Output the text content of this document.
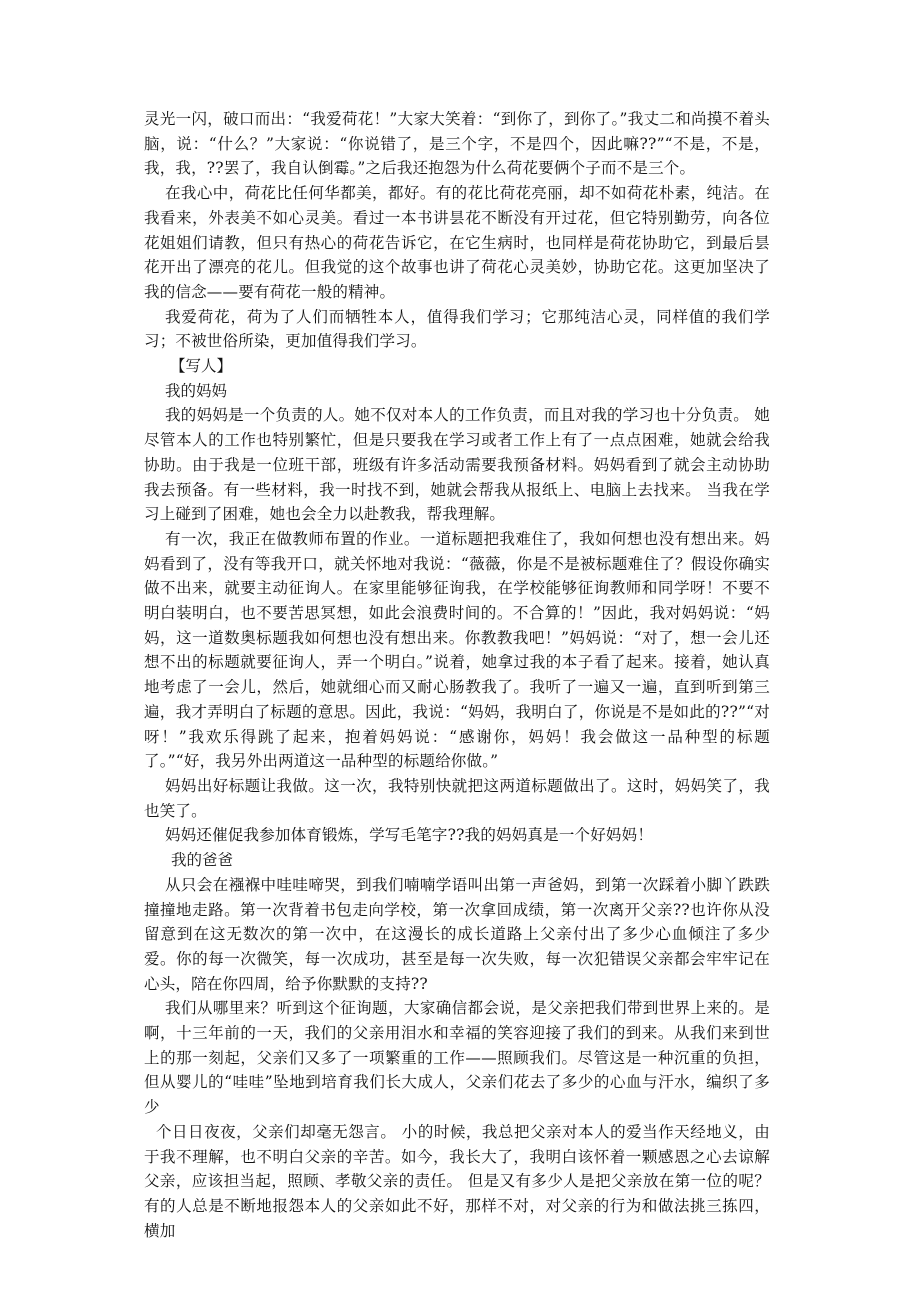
灵光一闪，破口而出：“我爱荷花！”大家大笑着：“到你了，到你了。”我丈二和尚摸不着头脑，说：“什么？”大家说：“你说错了，是三个字，不是四个，因此嘛??”“不是，不是，我，我，??罢了，我自认倒霉。”之后我还抱怨为什么荷花要俩个子而不是三个。

在我心中，荷花比任何华都美，都好。有的花比荷花亮丽，却不如荷花朴素，纯洁。在我看来，外表美不如心灵美。看过一本书讲昙花不断没有开过花，但它特别勤劳，向各位花姐姐们请教，但只有热心的荷花告诉它，在它生病时，也同样是荷花协助它，到最后昙花开出了漂亮的花儿。但我觉的这个故事也讲了荷花心灵美妙，协助它花。这更加坚决了我的信念——要有荷花一般的精神。

我爱荷花，荷为了人们而牺牲本人，值得我们学习；它那纯洁心灵，同样值的我们学习；不被世俗所染，更加值得我们学习。

【写人】

我的妈妈

我的妈妈是一个负责的人。她不仅对本人的工作负责，而且对我的学习也十分负责。 她尽管本人的工作也特别繁忙，但是只要我在学习或者工作上有了一点点困难，她就会给我协助。由于我是一位班干部，班级有许多活动需要我预备材料。妈妈看到了就会主动协助我去预备。有一些材料，我一时找不到，她就会帮我从报纸上、电脑上去找来。 当我在学习上碰到了困难，她也会全力以赴教我，帮我理解。

有一次，我正在做教师布置的作业。一道标题把我难住了，我如何想也没有想出来。妈妈看到了，没有等我开口，就关怀地对我说：“薇薇，你是不是被标题难住了？假设你确实做不出来，就要主动征询人。在家里能够征询我，在学校能够征询教师和同学呀！不要不明白装明白，也不要苦思冥想，如此会浪费时间的。不合算的！”因此，我对妈妈说：“妈妈，这一道数奥标题我如何想也没有想出来。你教教我吧！”妈妈说：“对了，想一会儿还想不出的标题就要征询人，弄一个明白。”说着，她拿过我的本子看了起来。接着，她认真地考虑了一会儿，然后，她就细心而又耐心肠教我了。我听了一遍又一遍，直到听到第三遍，我才弄明白了标题的意思。因此，我说：“妈妈，我明白了，你说是不是如此的??”“对呀！”我欢乐得跳了起来，抱着妈妈说：“感谢你，妈妈！我会做这一品种型的标题了。”“好，我另外出两道这一品种型的标题给你做。”

妈妈出好标题让我做。这一次，我特别快就把这两道标题做出了。这时，妈妈笑了，我也笑了。

妈妈还催促我参加体育锻炼，学写毛笔字??我的妈妈真是一个好妈妈！

我的爸爸

从只会在襁褓中哇哇啼哭，到我们喃喃学语叫出第一声爸妈，到第一次踩着小脚丫跌跌撞撞地走路。第一次背着书包走向学校，第一次拿回成绩，第一次离开父亲??也许你从没留意到在这无数次的第一次中，在这漫长的成长道路上父亲付出了多少心血倾注了多少爱。你的每一次微笑，每一次成功，甚至是每一次失败，每一次犯错误父亲都会牢牢记在心头，陪在你四周，给予你默默的支持??

我们从哪里来？听到这个征询题，大家确信都会说，是父亲把我们带到世界上来的。是啊，十三年前的一天，我们的父亲用泪水和幸福的笑容迎接了我们的到来。从我们来到世上的那一刻起，父亲们又多了一项繁重的工作——照顾我们。尽管这是一种沉重的负担，但从婴儿的“哇哇”坠地到培育我们长大成人，父亲们花去了多少的心血与汗水，编织了多少

个日日夜夜，父亲们却毫无怨言。 小的时候，我总把父亲对本人的爱当作天经地义，由于我不理解，也不明白父亲的辛苦。如今，我长大了，我明白该怀着一颗感恩之心去谅解父亲，应该担当起，照顾、孝敬父亲的责任。 但是又有多少人是把父亲放在第一位的呢？有的人总是不断地报怨本人的父亲如此不好，那样不对，对父亲的行为和做法挑三拣四，横加
